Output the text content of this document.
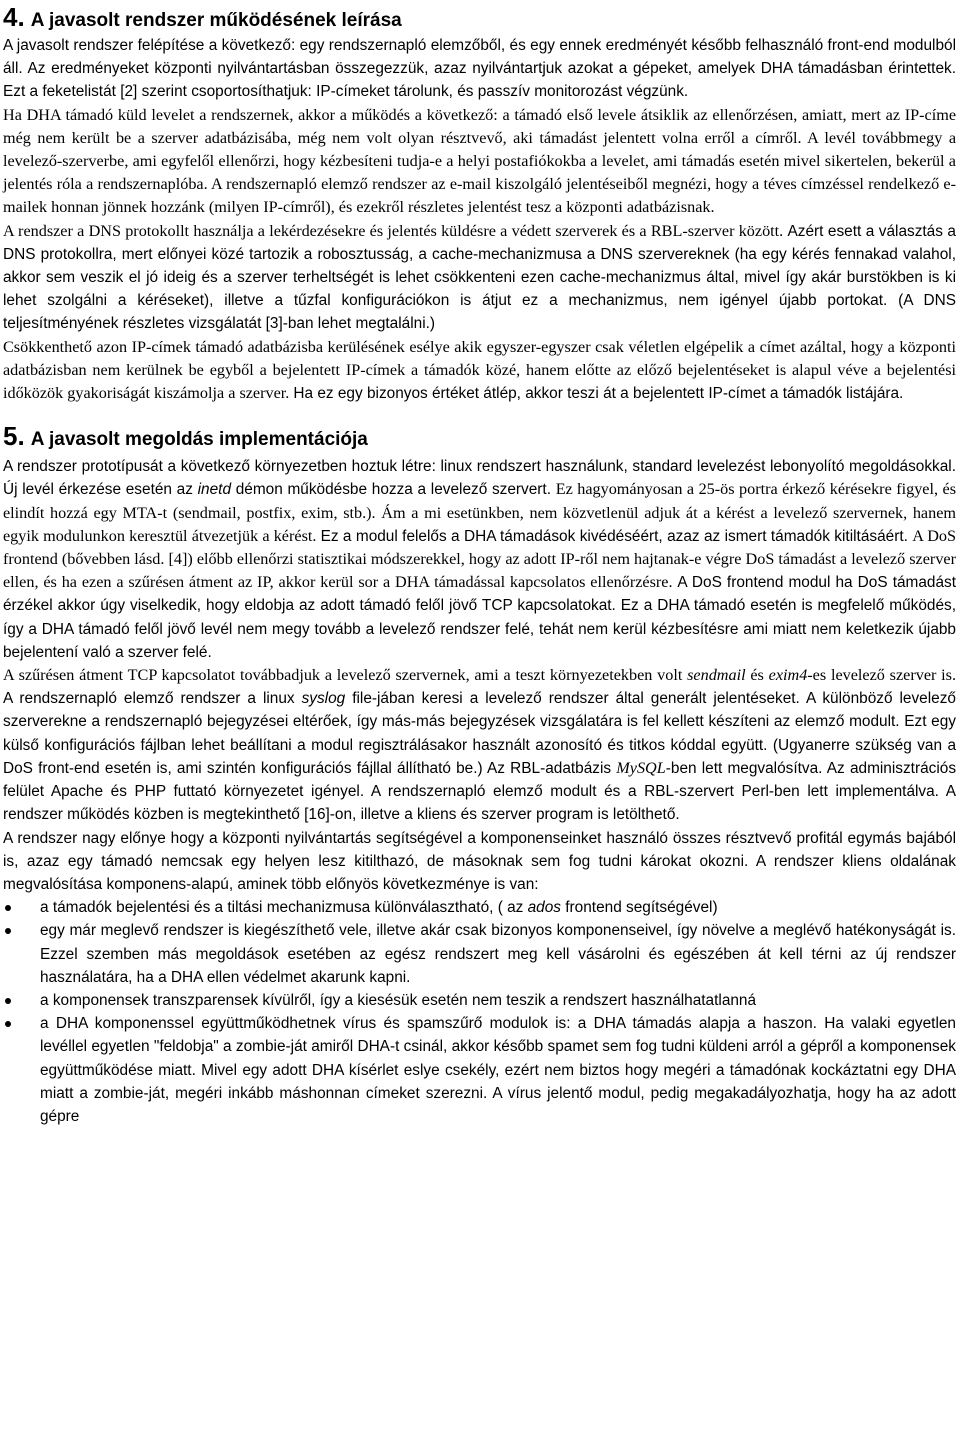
4. A javasolt rendszer működésének leírása

A javasolt rendszer felépítése a következő: egy rendszernapló elemzőből, és egy ennek eredményét később felhasználó front-end modulból áll. Az eredményeket központi nyilvántartásban összegezzük, azaz nyilvántartjuk azokat a gépeket, amelyek DHA támadásban érintettek. Ezt a feketelistát [2] szerint csoportosíthatjuk: IP-címeket tárolunk, és passzív monitorozást végzünk.

Ha DHA támadó küld levelet a rendszernek, akkor a működés a következő: a támadó első levele átsiklik az ellenőrzésen, amiatt, mert az IP-címe még nem került be a szerver adatbázisába, még nem volt olyan résztvevő, aki támadást jelentett volna erről a címről. A levél továbbmegy a levelező-szerverbe, ami egyfelől ellenőrzi, hogy kézbesíteni tudja-e a helyi postafiókokba a levelet, ami támadás esetén mivel sikertelen, bekerül a jelentés róla a rendszernaplóba. A rendszernapló elemző rendszer az e-mail kiszolgáló jelentéseiből megnézi, hogy a téves címzéssel rendelkező e-mailek honnan jönnek hozzánk (milyen IP-címről), és ezekről részletes jelentést tesz a központi adatbázisnak.

A rendszer a DNS protokollt használja a lekérdezésekre és jelentés küldésre a védett szerverek és a RBL-szerver között. Azért esett a választás a DNS protokollra, mert előnyei közé tartozik a robosztusság, a cache-mechanizmusa a DNS szervereknek (ha egy kérés fennakad valahol, akkor sem veszik el jó ideig és a szerver terheltségét is lehet csökkenteni ezen cache-mechanizmus által, mivel így akár burstökben is ki lehet szolgálni a kéréseket), illetve a tűzfal konfigurációkon is átjut ez a mechanizmus, nem igényel újabb portokat. (A DNS teljesítményének részletes vizsgálatát [3]-ban lehet megtalálni.)

Csökkenthető azon IP-címek támadó adatbázisba kerülésének esélye akik egyszer-egyszer csak véletlen elgépelik a címet azáltal, hogy a központi adatbázisban nem kerülnek be egyből a bejelentett IP-címek a támadók közé, hanem előtte az előző bejelentéseket is alapul véve a bejelentési időközök gyakoriságát kiszámolja a szerver. Ha ez egy bizonyos értéket átlép, akkor teszi át a bejelentett IP-címet a támadók listájára.

5. A javasolt megoldás implementációja

A rendszer prototípusát a következő környezetben hoztuk létre: linux rendszert használunk, standard levelezést lebonyolító megoldásokkal. Új levél érkezése esetén az inetd démon működésbe hozza a levelező szervert. Ez hagyományosan a 25-ös portra érkező kérésekre figyel, és elindít hozzá egy MTA-t (sendmail, postfix, exim, stb.). Ám a mi esetünkben, nem közvetlenül adjuk át a kérést a levelező szervernek, hanem egyik modulunkon keresztül átvezetjük a kérést. Ez a modul felelős a DHA támadások kivédéséért, azaz az ismert támadók kitiltásáért. A DoS frontend (bővebben lásd. [4]) előbb ellenőrzi statisztikai módszerekkel, hogy az adott IP-ről nem hajtanak-e végre DoS támadást a levelező szerver ellen, és ha ezen a szűrésen átment az IP, akkor kerül sor a DHA támadással kapcsolatos ellenőrzésre. A DoS frontend modul ha DoS támadást érzékel akkor úgy viselkedik, hogy eldobja az adott támadó felől jövő TCP kapcsolatokat. Ez a DHA támadó esetén is megfelelő működés, így a DHA támadó felől jövő levél nem megy tovább a levelező rendszer felé, tehát nem kerül kézbesítésre ami miatt nem keletkezik újabb bejelentení való a szerver felé.

A szűrésen átment TCP kapcsolatot továbbadjuk a levelező szervernek, ami a teszt környezetekben volt sendmail és exim4-es levelező szerver is. A rendszernapló elemző rendszer a linux syslog file-jában keresi a levelező rendszer által generált jelentéseket. A különböző levelező szerverekne a rendszernapló bejegyzései eltérőek, így más-más bejegyzések vizsgálatára is fel kellett készíteni az elemző modult. Ezt egy külső konfigurációs fájlban lehet beállítani a modul regisztrálásakor használt azonosító és titkos kóddal együtt. (Ugyanerre szükség van a DoS front-end esetén is, ami szintén konfigurációs fájllal állítható be.) Az RBL-adatbázis MySQL-ben lett megvalósítva. Az adminisztrációs felület Apache és PHP futtató környezetet igényel. A rendszernapló elemző modult és a RBL-szervert Perl-ben lett implementálva. A rendszer működés közben is megtekinthető [16]-on, illetve a kliens és szerver program is letölthető.

A rendszer nagy előnye hogy a központi nyilvántartás segítségével a komponenseinket használó összes résztvevő profitál egymás bajából is, azaz egy támadó nemcsak egy helyen lesz kitilthazó, de másoknak sem fog tudni károkat okozni. A rendszer kliens oldalának megvalósítása komponens-alapú, aminek több előnyös következménye is van:

a támadók bejelentési és a tiltási mechanizmusa különválasztható, ( az ados frontend segítségével)
egy már meglevő rendszer is kiegészíthető vele, illetve akár csak bizonyos komponenseivel, így növelve a meglévő hatékonyságát is. Ezzel szemben más megoldások esetében az egész rendszert meg kell vásárolni és egészében át kell térni az új rendszer használatára, ha a DHA ellen védelmet akarunk kapni.
a komponensek transzparensek kívülről, így a kiesésük esetén nem teszik a rendszert használhatatlanná
a DHA komponenssel együttműködhetnek vírus és spamszűrő modulok is: a DHA támadás alapja a haszon. Ha valaki egyetlen levéllel egyetlen "feldobja" a zombie-ját amiről DHA-t csinál, akkor később spamet sem fog tudni küldeni arról a gépről a komponensek együttműködése miatt. Mivel egy adott DHA kísérlet eslye csekély, ezért nem biztos hogy megéri a támadónak kockáztatni egy DHA miatt a zombie-ját, megéri inkább máshonnan címeket szerezni. A vírus jelentő modul, pedig megakadályozhatja, hogy ha az adott gépre
